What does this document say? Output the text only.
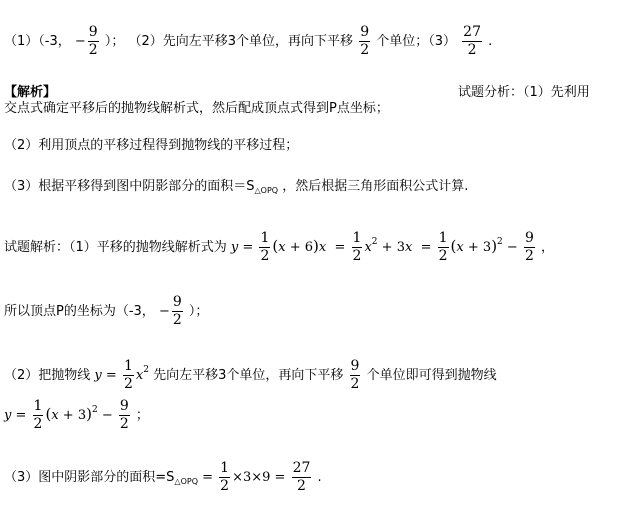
（1）（-3， − $\frac{9}{2}$ ）； （2）先向左平移3个单位，再向下平移 $\frac{9}{2}$ 个单位；$(3) \frac{27}{2}$ .
【解析】	试题分析：（1）先利用
交点式确定平移后的抛物线解析式，然后配成顶点式得到P点坐标；
（2）利用顶点的平移过程得到抛物线的平移过程；
（3）根据平移得到图中阴影部分的面积$=S_{\triangle OPQ}$ ，然后根据三角形面积公式计算.
试题解析：（1）平移的抛物线解析式为 $y = \frac{1}{2} (x + 6)x = \frac{1}{2} x^2 + 3x = \frac{1}{2} (x + 3)^2 - \frac{9}{2}$ ，
所以顶点P的坐标为（-3， − $\frac{9}{2}$ ）；
（2）把抛物线 $y = \frac{1}{2} x^2$ 先向左平移3个单位，再向下平移 $\frac{9}{2}$ 个单位即可得到抛物线
$y = \frac{1}{2} (x + 3)^2 - \frac{9}{2}$ ；
（3）图中阴影部分的面积$=S_{\triangle OPQ} = \frac{1}{2} \times 3\times 9 = \frac{27}{2}$ .
